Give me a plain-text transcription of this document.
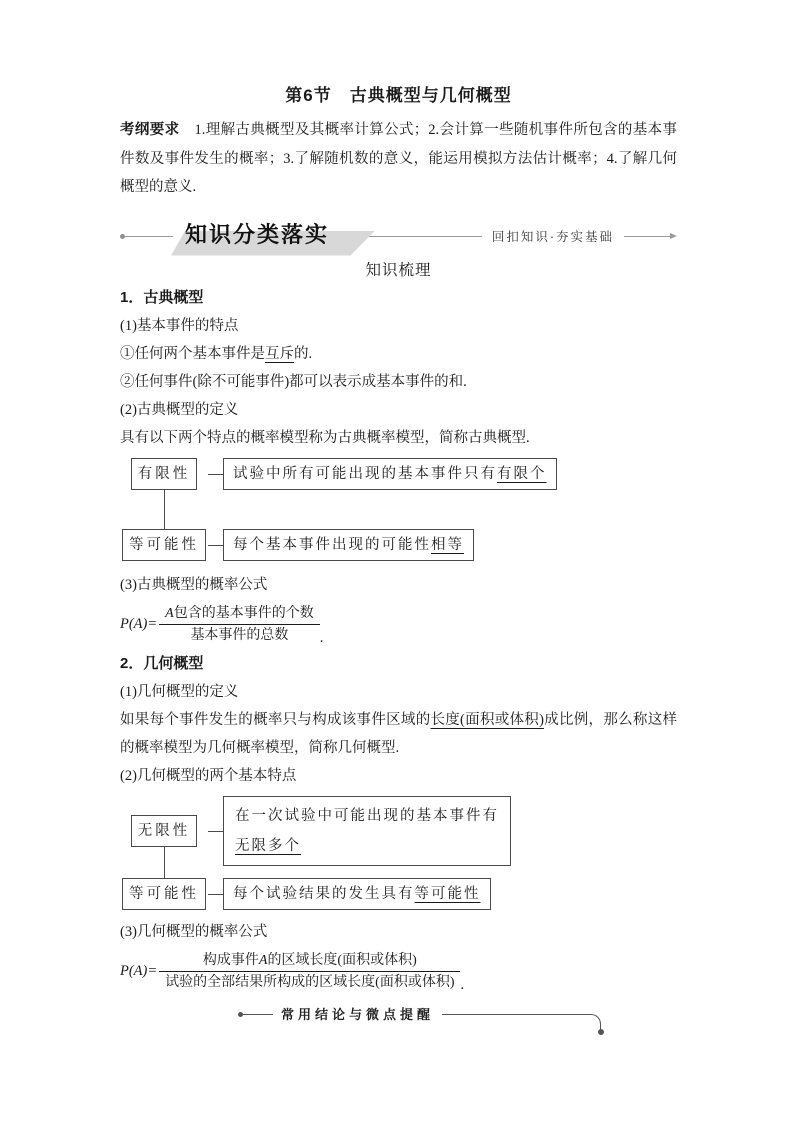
第6节　古典概型与几何概型

考纲要求 1.理解古典概型及其概率计算公式；2.会计算一些随机事件所包含的基本事件数及事件发生的概率；3.了解随机数的意义，能运用模拟方法估计概率；4.了解几何概型的意义.

知识分类落实	回扣知识·夯实基础
知识梳理
1．古典概型
(1)基本事件的特点
①任何两个基本事件是互斥的.
②任何事件(除不可能事件)都可以表示成基本事件的和.
(2)古典概型的定义
具有以下两个特点的概率模型称为古典概率模型，简称古典概型.
有限性	试验中所有可能出现的基本事件只有有限个
等可能性	每个基本事件出现的可能性相等
(3)古典概型的概率公式
$P(A)= \frac{\text{A包含的基本事件的个数}}{\text{基本事件的总数}}$ .
2．几何概型
(1)几何概型的定义
如果每个事件发生的概率只与构成该事件区域的长度(面积或体积)成比例，那么称这样的概率模型为几何概率模型，简称几何概型.
(2)几何概型的两个基本特点
无限性
在一次试验中可能出现的基本事件有
无限多个
等可能性	每个试验结果的发生具有等可能性
(3)几何概型的概率公式
$P(A)= \frac{\text{构成事件A的区域长度(面积或体积)}}{\text{试验的全部结果所构成的区域长度(面积或体积)}}$ .
常用结论与微点提醒
